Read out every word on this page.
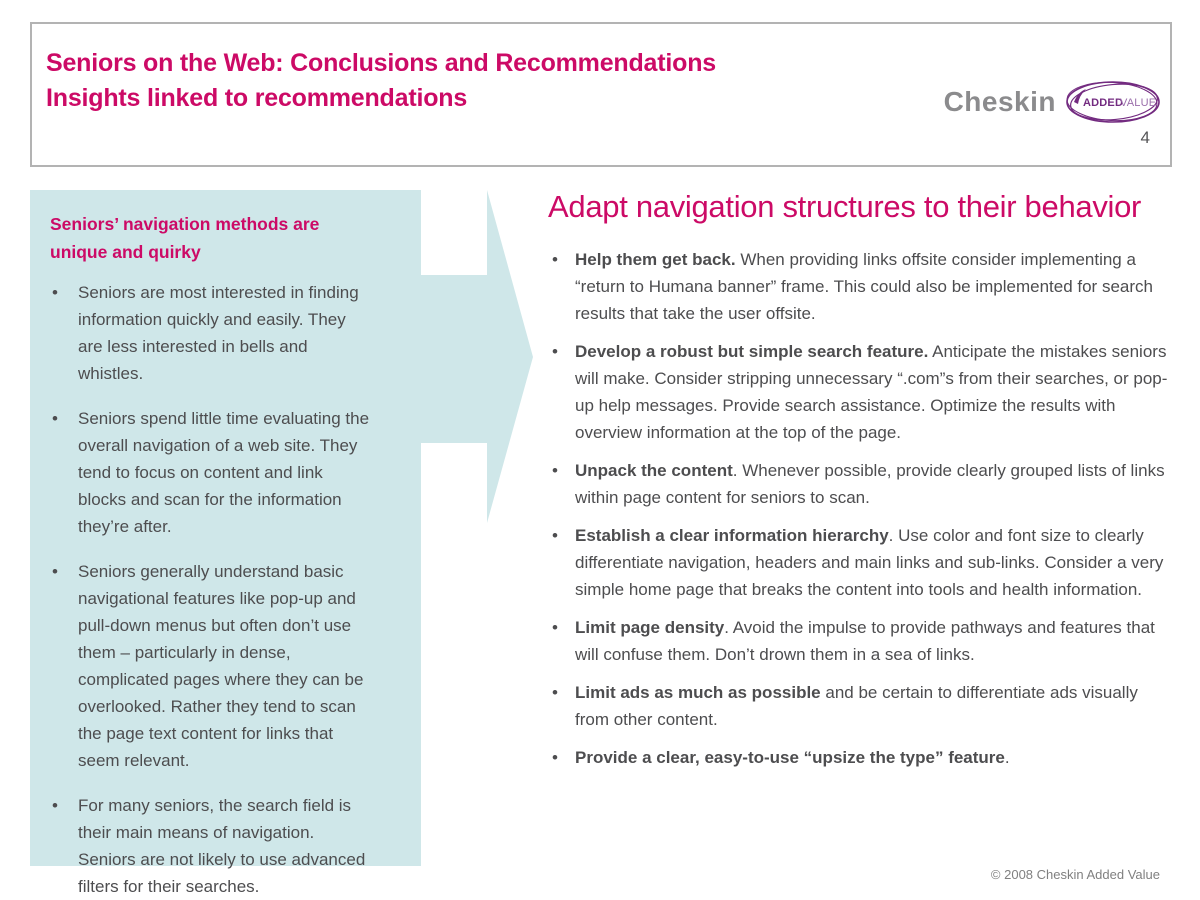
Seniors on the Web: Conclusions and Recommendations
Insights linked to recommendations	Cheskin ADDED
VALUE
4
Seniors’ navigation methods are unique and quirky
• Seniors are most interested in finding information quickly and easily. They are less interested in bells and whistles.
• Seniors spend little time evaluating the overall navigation of a web site. They tend to focus on content and link blocks and scan for the information they’re after.
• Seniors generally understand basic navigational features like pop-up and pull-down menus but often don’t use them – particularly in dense, complicated pages where they can be overlooked. Rather they tend to scan the page text content for links that seem relevant.
• For many seniors, the search field is their main means of navigation. Seniors are not likely to use advanced filters for their searches.
Adapt navigation structures to their behavior
• Help them get back. When providing links offsite consider implementing a “return to Humana banner” frame. This could also be implemented for search results that take the user offsite.
• Develop a robust but simple search feature. Anticipate the mistakes seniors will make. Consider stripping unnecessary “.com”s from their searches, or pop-up help messages. Provide search assistance. Optimize the results with overview information at the top of the page.
• Unpack the content. Whenever possible, provide clearly grouped lists of links within page content for seniors to scan.
• Establish a clear information hierarchy. Use color and font size to clearly differentiate navigation, headers and main links and sub-links. Consider a very simple home page that breaks the content into tools and health information.
• Limit page density. Avoid the impulse to provide pathways and features that will confuse them. Don’t drown them in a sea of links.
• Limit ads as much as possible and be certain to differentiate ads visually from other content.
• Provide a clear, easy-to-use “upsize the type” feature.
© 2008 Cheskin Added Value
